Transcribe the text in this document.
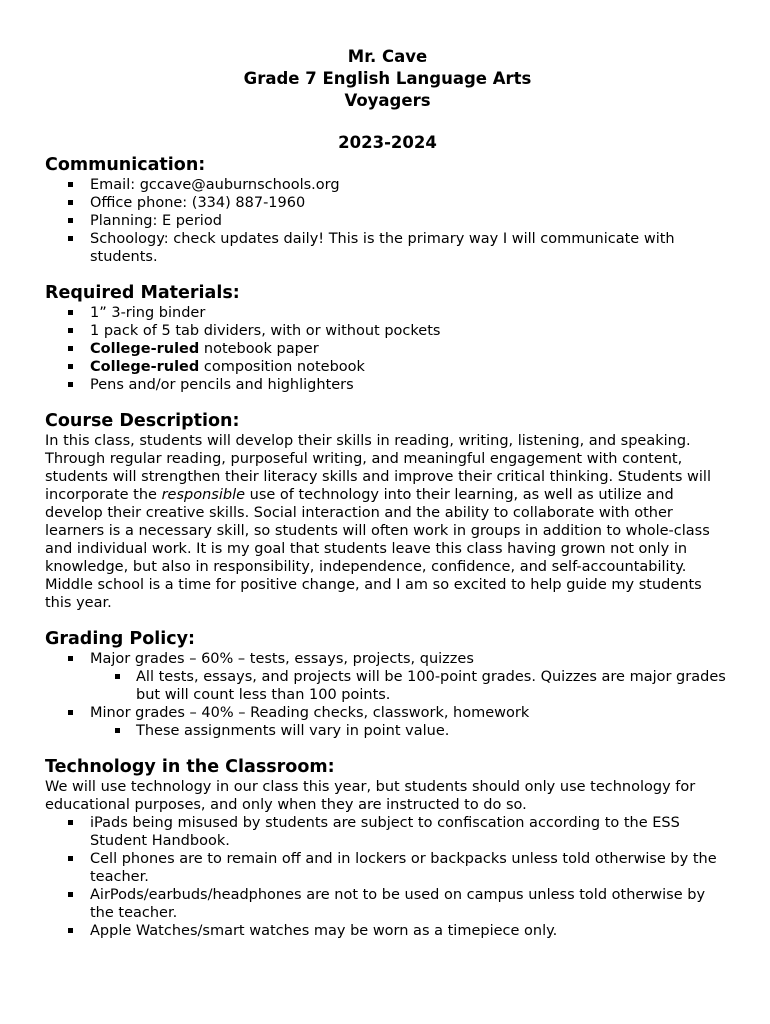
Mr. Cave
Grade 7 English Language Arts
Voyagers
2023-2024
Communication:
Email: gccave@auburnschools.org
Office phone: (334) 887-1960
Planning: E period
Schoology: check updates daily! This is the primary way I will communicate with students.
Required Materials:
1” 3-ring binder
1 pack of 5 tab dividers, with or without pockets
College-ruled notebook paper
College-ruled composition notebook
Pens and/or pencils and highlighters
Course Description:

In this class, students will develop their skills in reading, writing, listening, and speaking. Through regular reading, purposeful writing, and meaningful engagement with content, students will strengthen their literacy skills and improve their critical thinking. Students will incorporate the responsible use of technology into their learning, as well as utilize and develop their creative skills. Social interaction and the ability to collaborate with other learners is a necessary skill, so students will often work in groups in addition to whole-class and individual work. It is my goal that students leave this class having grown not only in knowledge, but also in responsibility, independence, confidence, and self-accountability. Middle school is a time for positive change, and I am so excited to help guide my students this year.

Grading Policy:
Major grades – 60% – tests, essays, projects, quizzes
All tests, essays, and projects will be 100-point grades. Quizzes are major grades but will count less than 100 points.
Minor grades – 40% – Reading checks, classwork, homework
These assignments will vary in point value.
Technology in the Classroom:

We will use technology in our class this year, but students should only use technology for educational purposes, and only when they are instructed to do so.

iPads being misused by students are subject to confiscation according to the ESS Student Handbook.
Cell phones are to remain off and in lockers or backpacks unless told otherwise by the teacher.
AirPods/earbuds/headphones are not to be used on campus unless told otherwise by the teacher.
Apple Watches/smart watches may be worn as a timepiece only.
